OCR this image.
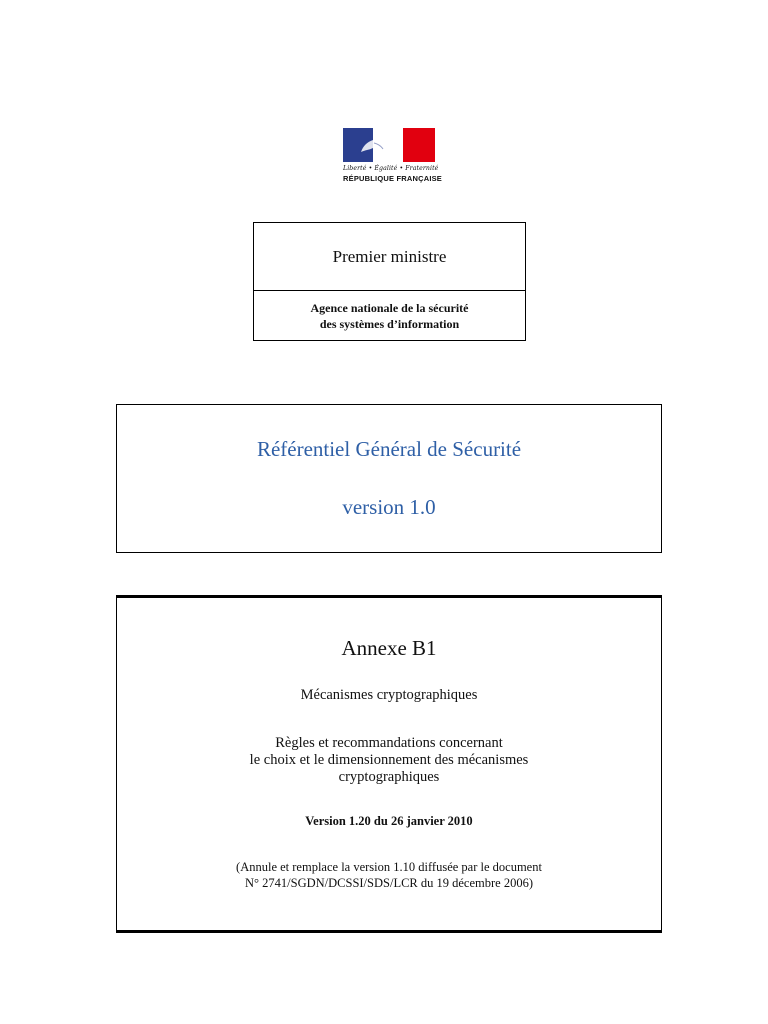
Liberté • Égalité • Fraternité
RÉPUBLIQUE FRANÇAISE
Premier ministre
Agence nationale de la sécurité
des systèmes d’information
Référentiel Général de Sécurité
version 1.0
Annexe B1
Mécanismes cryptographiques
Règles et recommandations concernant
le choix et le dimensionnement des mécanismes
cryptographiques
Version 1.20 du 26 janvier 2010
(Annule et remplace la version 1.10 diffusée par le document
N° 2741/SGDN/DCSSI/SDS/LCR du 19 décembre 2006)
